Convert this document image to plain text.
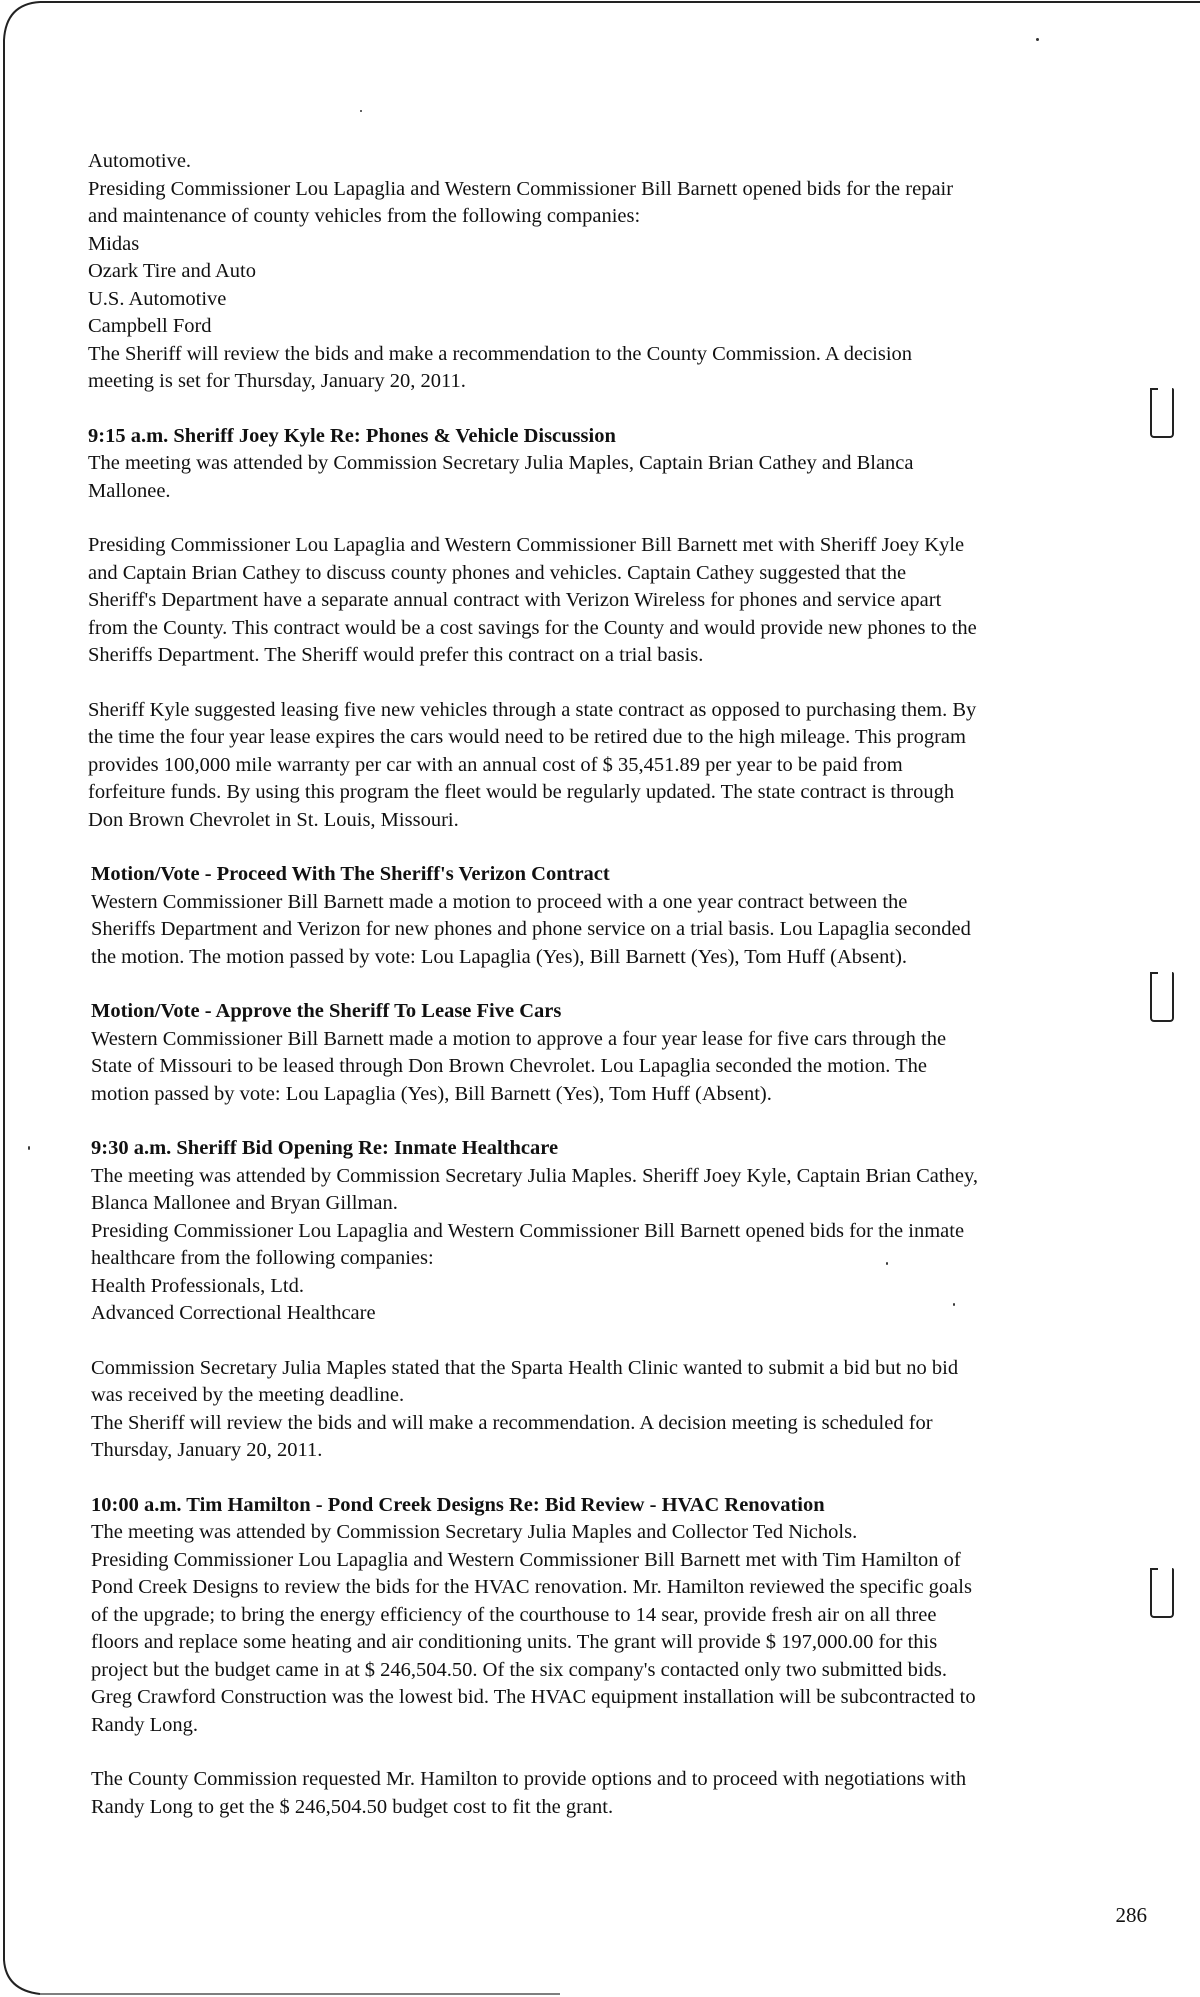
Automotive.
Presiding Commissioner Lou Lapaglia and Western Commissioner Bill Barnett opened bids for the repair
and maintenance of county vehicles from the following companies:
Midas
Ozark Tire and Auto
U.S. Automotive
Campbell Ford
The Sheriff will review the bids and make a recommendation to the County Commission. A decision
meeting is set for Thursday, January 20, 2011.
9:15 a.m. Sheriff Joey Kyle Re: Phones & Vehicle Discussion
The meeting was attended by Commission Secretary Julia Maples, Captain Brian Cathey and Blanca
Mallonee.
Presiding Commissioner Lou Lapaglia and Western Commissioner Bill Barnett met with Sheriff Joey Kyle
and Captain Brian Cathey to discuss county phones and vehicles. Captain Cathey suggested that the
Sheriff's Department have a separate annual contract with Verizon Wireless for phones and service apart
from the County. This contract would be a cost savings for the County and would provide new phones to the
Sheriffs Department. The Sheriff would prefer this contract on a trial basis.
Sheriff Kyle suggested leasing five new vehicles through a state contract as opposed to purchasing them. By
the time the four year lease expires the cars would need to be retired due to the high mileage. This program
provides 100,000 mile warranty per car with an annual cost of $ 35,451.89 per year to be paid from
forfeiture funds. By using this program the fleet would be regularly updated. The state contract is through
Don Brown Chevrolet in St. Louis, Missouri.
Motion/Vote - Proceed With The Sheriff's Verizon Contract
Western Commissioner Bill Barnett made a motion to proceed with a one year contract between the
Sheriffs Department and Verizon for new phones and phone service on a trial basis. Lou Lapaglia seconded
the motion. The motion passed by vote: Lou Lapaglia (Yes), Bill Barnett (Yes), Tom Huff (Absent).
Motion/Vote - Approve the Sheriff To Lease Five Cars
Western Commissioner Bill Barnett made a motion to approve a four year lease for five cars through the
State of Missouri to be leased through Don Brown Chevrolet. Lou Lapaglia seconded the motion. The
motion passed by vote: Lou Lapaglia (Yes), Bill Barnett (Yes), Tom Huff (Absent).
9:30 a.m. Sheriff Bid Opening Re: Inmate Healthcare
The meeting was attended by Commission Secretary Julia Maples. Sheriff Joey Kyle, Captain Brian Cathey,
Blanca Mallonee and Bryan Gillman.
Presiding Commissioner Lou Lapaglia and Western Commissioner Bill Barnett opened bids for the inmate
healthcare from the following companies:
Health Professionals, Ltd.
Advanced Correctional Healthcare
Commission Secretary Julia Maples stated that the Sparta Health Clinic wanted to submit a bid but no bid
was received by the meeting deadline.
The Sheriff will review the bids and will make a recommendation. A decision meeting is scheduled for
Thursday, January 20, 2011.
10:00 a.m. Tim Hamilton - Pond Creek Designs Re: Bid Review - HVAC Renovation
The meeting was attended by Commission Secretary Julia Maples and Collector Ted Nichols.
Presiding Commissioner Lou Lapaglia and Western Commissioner Bill Barnett met with Tim Hamilton of
Pond Creek Designs to review the bids for the HVAC renovation. Mr. Hamilton reviewed the specific goals
of the upgrade; to bring the energy efficiency of the courthouse to 14 sear, provide fresh air on all three
floors and replace some heating and air conditioning units. The grant will provide $ 197,000.00 for this
project but the budget came in at $ 246,504.50. Of the six company's contacted only two submitted bids.
Greg Crawford Construction was the lowest bid. The HVAC equipment installation will be subcontracted to
Randy Long.
The County Commission requested Mr. Hamilton to provide options and to proceed with negotiations with
Randy Long to get the $ 246,504.50 budget cost to fit the grant.
286
